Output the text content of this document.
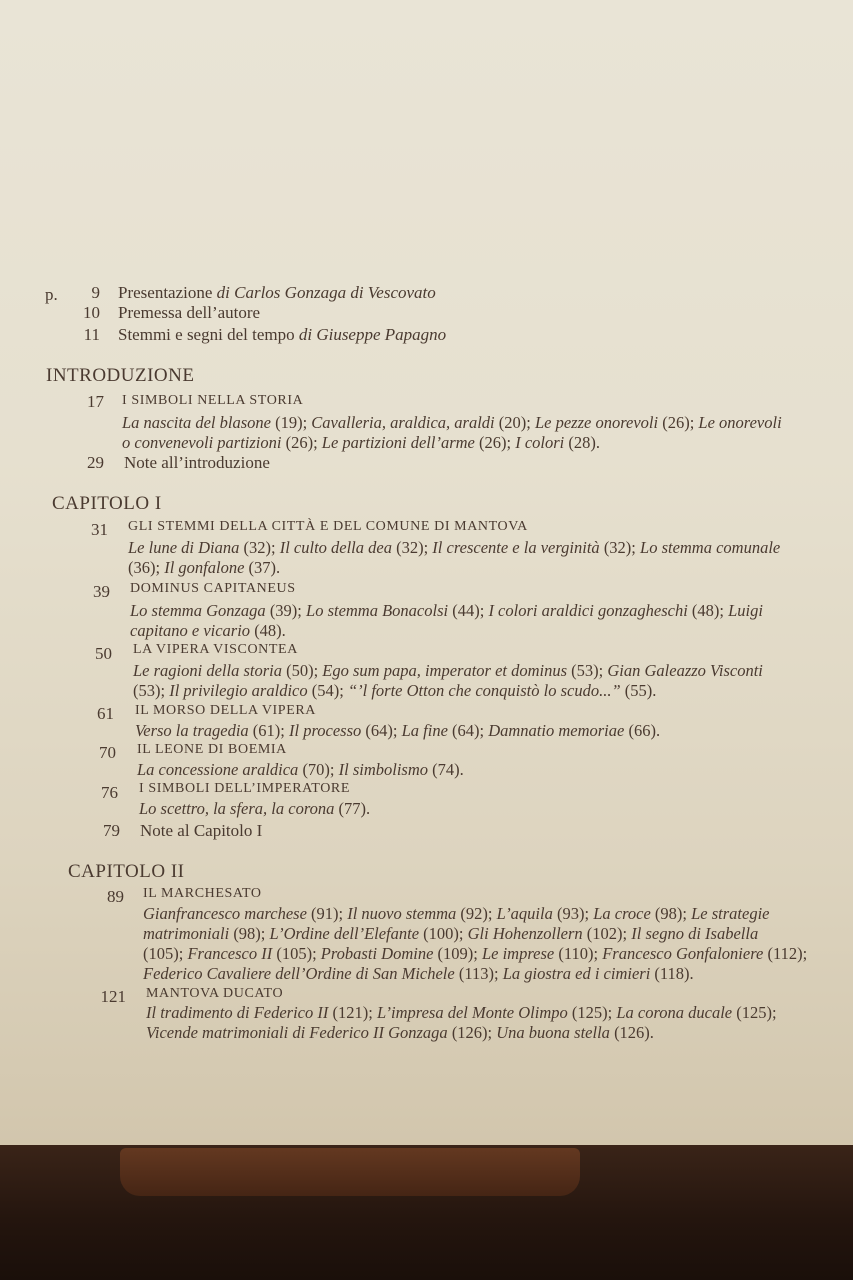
p.	9 Presentazione di Carlos Gonzaga di Vescovato
10 Premessa dell’autore
11 Stemmi e segni del tempo di Giuseppe Papagno
INTRODUZIONE
17 I SIMBOLI NELLA STORIA
La nascita del blasone (19); Cavalleria, araldica, araldi (20); Le pezze onorevoli (26); Le onorevoli
o convenevoli partizioni (26); Le partizioni dell’arme (26); I colori (28).
29 Note all’introduzione
CAPITOLO I
31 GLI STEMMI DELLA CITTÀ E DEL COMUNE DI MANTOVA
Le lune di Diana (32); Il culto della dea (32); Il crescente e la verginità (32); Lo stemma comunale
(36); Il gonfalone (37).
39 DOMINUS CAPITANEUS
Lo stemma Gonzaga (39); Lo stemma Bonacolsi (44); I colori araldici gonzagheschi (48); Luigi
capitano e vicario (48).
50 LA VIPERA VISCONTEA
Le ragioni della storia (50); Ego sum papa, imperator et dominus (53); Gian Galeazzo Visconti
(53); Il privilegio araldico (54); “’l forte Otton che conquistò lo scudo...” (55).
61 IL MORSO DELLA VIPERA
Verso la tragedia (61); Il processo (64); La fine (64); Damnatio memoriae (66).
70 IL LEONE DI BOEMIA
La concessione araldica (70); Il simbolismo (74).
76 I SIMBOLI DELL’IMPERATORE
Lo scettro, la sfera, la corona (77).
79 Note al Capitolo I
CAPITOLO II
89 IL MARCHESATO
Gianfrancesco marchese (91); Il nuovo stemma (92); L’aquila (93); La croce (98); Le strategie
matrimoniali (98); L’Ordine dell’Elefante (100); Gli Hohenzollern (102); Il segno di Isabella
(105); Francesco II (105); Probasti Domine (109); Le imprese (110); Francesco Gonfaloniere (112);
Federico Cavaliere dell’Ordine di San Michele (113); La giostra ed i cimieri (118).
121 MANTOVA DUCATO
Il tradimento di Federico II (121); L’impresa del Monte Olimpo (125); La corona ducale (125);
Vicende matrimoniali di Federico II Gonzaga (126); Una buona stella (126).
